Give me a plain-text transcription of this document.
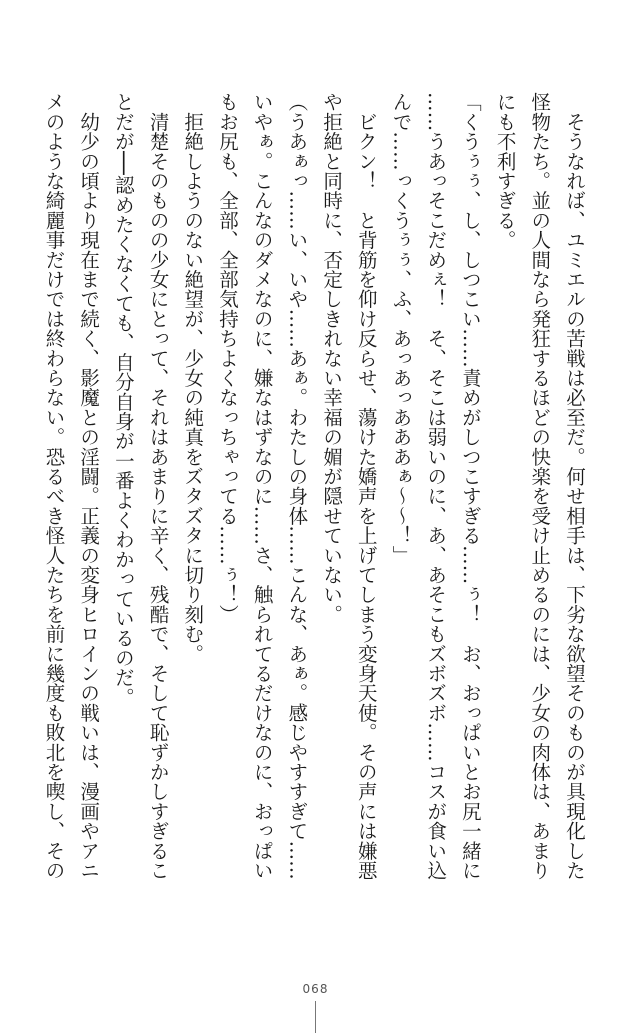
　そうなれば、ユミエルの苦戦は必至だ。何せ相手は、下劣な欲望そのものが具現化した
怪物たち。並の人間なら発狂するほどの快楽を受け止めるのには、少女の肉体は、あまり
にも不利すぎる。
「くうぅぅ、し、しつこい……責めがしつこすぎる……ぅ！　お、おっぱいとお尻一緒に
……うあっそこだめぇ！　そ、そこは弱いのに、あ、あそこもズボズボ……コスが食い込
んで……っくうぅぅ、ふ、あっあっあああぁ～～！」
　ビクン！　と背筋を仰け反らせ、蕩けた嬌声を上げてしまう変身天使。その声には嫌悪
や拒絶と同時に、否定しきれない幸福の媚が隠せていない。
（うあぁっ……い、いや……あぁ。わたしの身体……こんな、あぁ。感じやすすぎて……
いやぁ。こんなのダメなのに、嫌なはずなのに……さ、触られてるだけなのに、おっぱい
もお尻も、全部、全部気持ちよくなっちゃってる……ぅ！）
　拒絶しようのない絶望が、少女の純真をズタズタに切り刻む。
　清楚そのものの少女にとって、それはあまりに辛く、残酷で、そして恥ずかしすぎるこ
とだが──認めたくなくても、自分自身が一番よくわかっているのだ。
　幼少の頃より現在まで続く、影魔との淫闘。正義の変身ヒロインの戦いは、漫画やアニ
メのような綺麗事だけでは終わらない。恐るべき怪人たちを前に幾度も敗北を喫し、その
068
